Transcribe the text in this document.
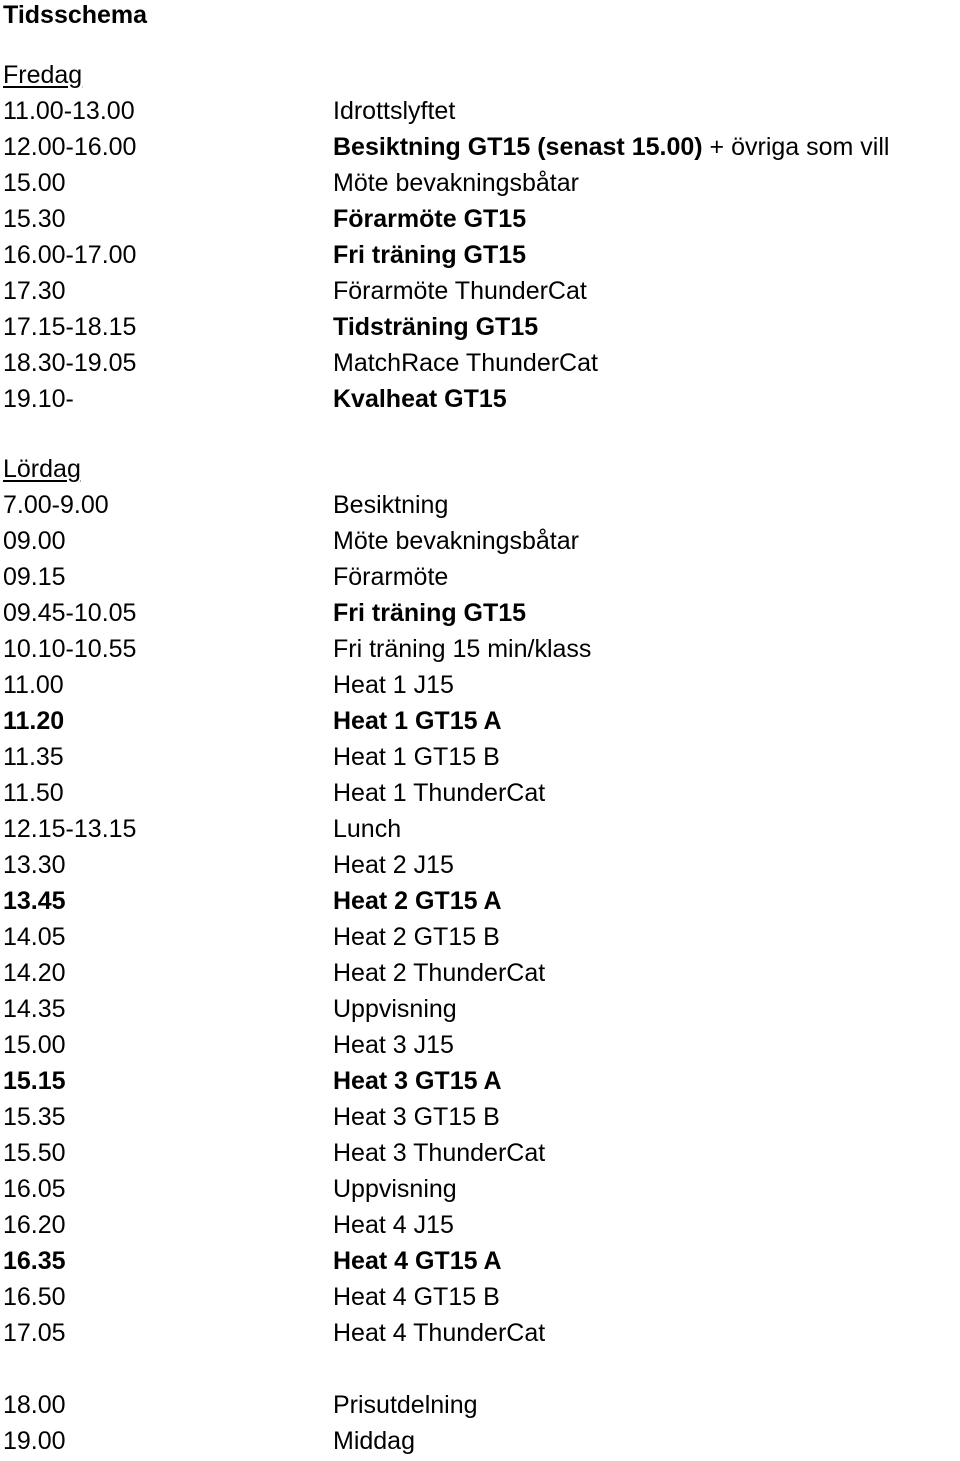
Tidsschema
Fredag
11.00-13.00	Idrottslyftet
12.00-16.00	Besiktning GT15 (senast 15.00) + övriga som vill
15.00	Möte bevakningsbåtar
15.30	Förarmöte GT15
16.00-17.00	Fri träning GT15
17.30	Förarmöte ThunderCat
17.15-18.15	Tidsträning GT15
18.30-19.05	MatchRace ThunderCat
19.10-	Kvalheat GT15
Lördag
7.00-9.00	Besiktning
09.00	Möte bevakningsbåtar
09.15	Förarmöte
09.45-10.05	Fri träning GT15
10.10-10.55	Fri träning 15 min/klass
11.00	Heat 1 J15
11.20	Heat 1 GT15 A
11.35	Heat 1 GT15 B
11.50	Heat 1 ThunderCat
12.15-13.15	Lunch
13.30	Heat 2 J15
13.45	Heat 2 GT15 A
14.05	Heat 2 GT15 B
14.20	Heat 2 ThunderCat
14.35	Uppvisning
15.00	Heat 3 J15
15.15	Heat 3 GT15 A
15.35	Heat 3 GT15 B
15.50	Heat 3 ThunderCat
16.05	Uppvisning
16.20	Heat 4 J15
16.35	Heat 4 GT15 A
16.50	Heat 4 GT15 B
17.05	Heat 4 ThunderCat
18.00	Prisutdelning
19.00	Middag
